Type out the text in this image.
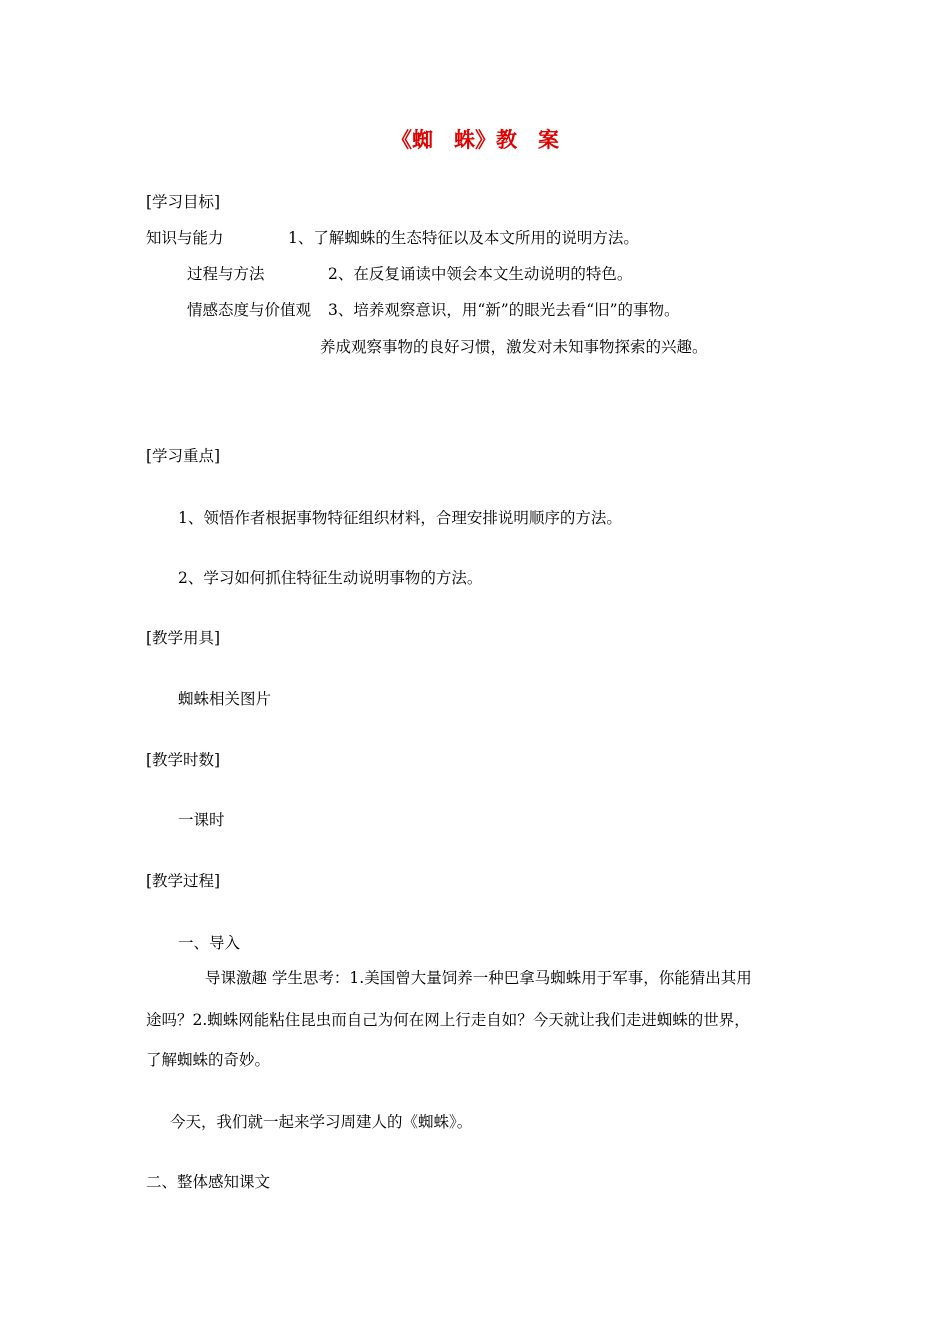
《蜘　蛛》教　案
[学习目标]
知识与能力	1、了解蜘蛛的生态特征以及本文所用的说明方法。
过程与方法	2、在反复诵读中领会本文生动说明的特色。
情感态度与价值观 3、培养观察意识，用“新”的眼光去看“旧”的事物。
养成观察事物的良好习惯，激发对未知事物探索的兴趣。
[学习重点]
1、领悟作者根据事物特征组织材料，合理安排说明顺序的方法。
2、学习如何抓住特征生动说明事物的方法。
[教学用具]
蜘蛛相关图片
[教学时数]
一课时
[教学过程]
一、导入
导课激趣 学生思考：1.美国曾大量饲养一种巴拿马蜘蛛用于军事，你能猜出其用
途吗？2.蜘蛛网能粘住昆虫而自己为何在网上行走自如？今天就让我们走进蜘蛛的世界，
了解蜘蛛的奇妙。
今天，我们就一起来学习周建人的《蜘蛛》。
二、整体感知课文
